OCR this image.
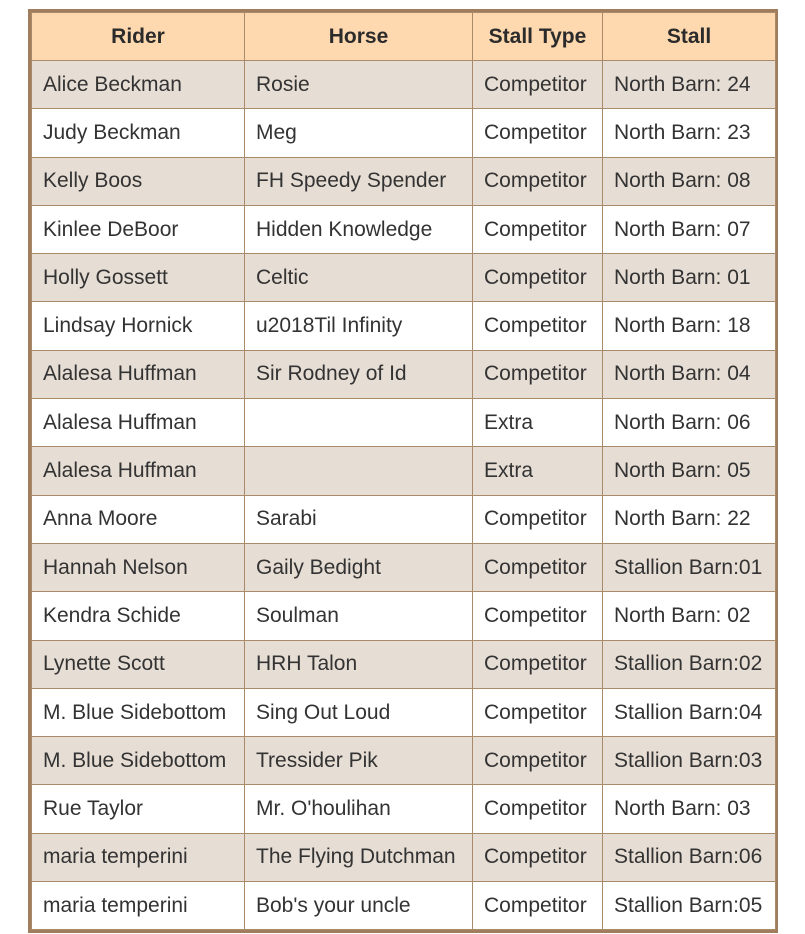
Rider	Horse	Stall Type	Stall
Alice Beckman	Rosie	Competitor	North Barn: 24
Judy Beckman	Meg	Competitor	North Barn: 23
Kelly Boos	FH Speedy Spender	Competitor	North Barn: 08
Kinlee DeBoor	Hidden Knowledge	Competitor	North Barn: 07
Holly Gossett	Celtic	Competitor	North Barn: 01
Lindsay Hornick	u2018Til Infinity	Competitor	North Barn: 18
Alalesa Huffman	Sir Rodney of Id	Competitor	North Barn: 04
Alalesa Huffman		Extra	North Barn: 06
Alalesa Huffman		Extra	North Barn: 05
Anna Moore	Sarabi	Competitor	North Barn: 22
Hannah Nelson	Gaily Bedight	Competitor	Stallion Barn:01
Kendra Schide	Soulman	Competitor	North Barn: 02
Lynette Scott	HRH Talon	Competitor	Stallion Barn:02
M. Blue Sidebottom	Sing Out Loud	Competitor	Stallion Barn:04
M. Blue Sidebottom	Tressider Pik	Competitor	Stallion Barn:03
Rue Taylor	Mr. O'houlihan	Competitor	North Barn: 03
maria temperini	The Flying Dutchman	Competitor	Stallion Barn:06
maria temperini	Bob's your uncle	Competitor	Stallion Barn:05
